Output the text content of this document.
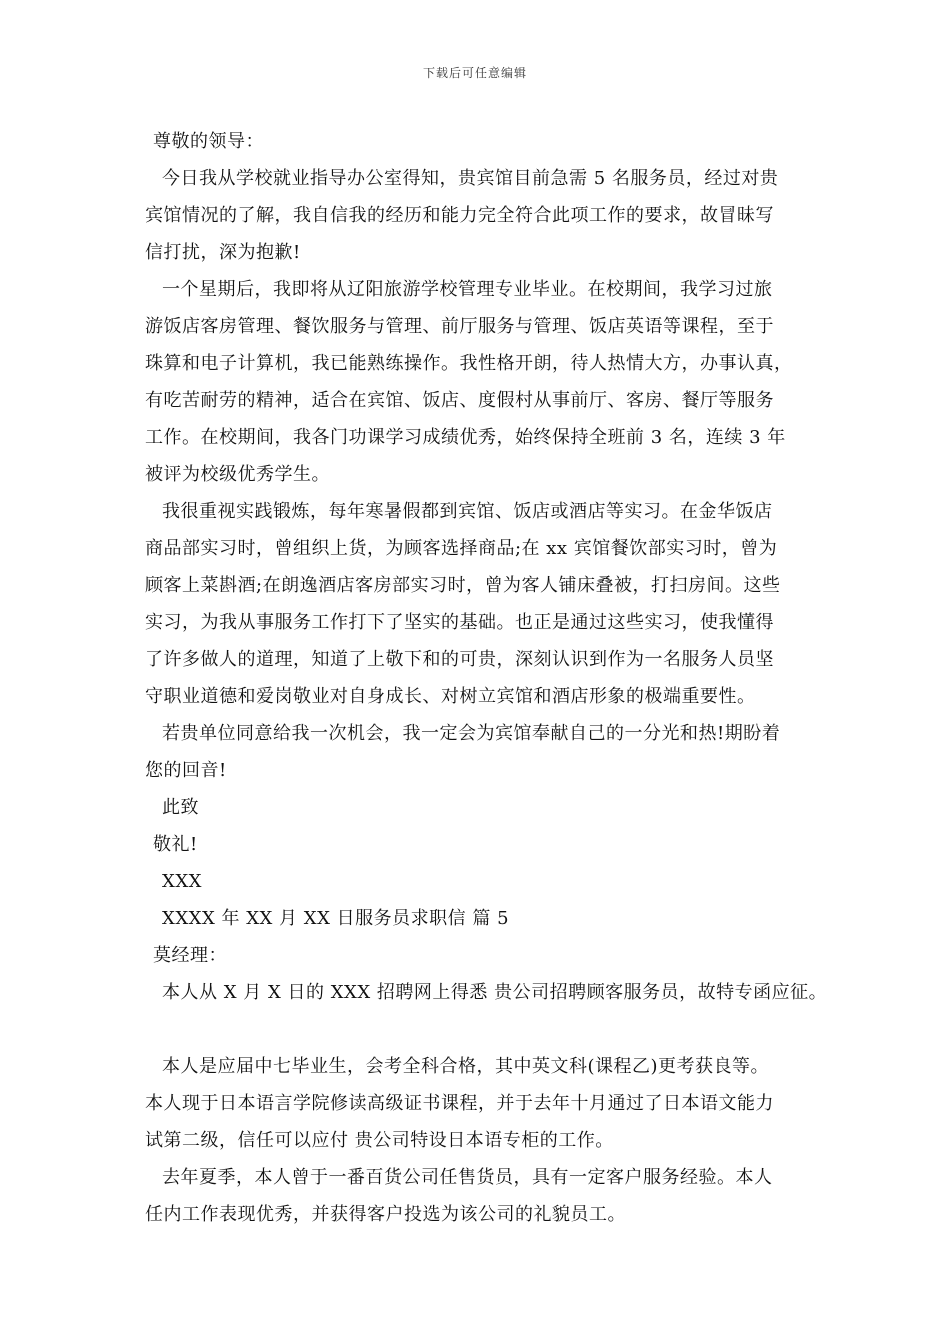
下载后可任意编辑
尊敬的领导：
今日我从学校就业指导办公室得知，贵宾馆目前急需 5 名服务员，经过对贵
宾馆情况的了解，我自信我的经历和能力完全符合此项工作的要求，故冒昧写
信打扰，深为抱歉!
一个星期后，我即将从辽阳旅游学校管理专业毕业。在校期间，我学习过旅
游饭店客房管理、餐饮服务与管理、前厅服务与管理、饭店英语等课程，至于
珠算和电子计算机，我已能熟练操作。我性格开朗，待人热情大方，办事认真，
有吃苦耐劳的精神，适合在宾馆、饭店、度假村从事前厅、客房、餐厅等服务
工作。在校期间，我各门功课学习成绩优秀，始终保持全班前 3 名，连续 3 年
被评为校级优秀学生。
我很重视实践锻炼，每年寒暑假都到宾馆、饭店或酒店等实习。在金华饭店
商品部实习时，曾组织上货，为顾客选择商品;在 xx 宾馆餐饮部实习时，曾为
顾客上菜斟酒;在朗逸酒店客房部实习时，曾为客人铺床叠被，打扫房间。这些
实习，为我从事服务工作打下了坚实的基础。也正是通过这些实习，使我懂得
了许多做人的道理，知道了上敬下和的可贵，深刻认识到作为一名服务人员坚
守职业道德和爱岗敬业对自身成长、对树立宾馆和酒店形象的极端重要性。
若贵单位同意给我一次机会，我一定会为宾馆奉献自己的一分光和热!期盼着
您的回音!
此致
敬礼!
XXX
XXXX 年 XX 月 XX 日服务员求职信 篇 5
莫经理：
本人从 X 月 X 日的 XXX 招聘网上得悉 贵公司招聘顾客服务员，故特专函应征。
本人是应届中七毕业生，会考全科合格，其中英文科(课程乙)更考获良等。
本人现于日本语言学院修读高级证书课程，并于去年十月通过了日本语文能力
试第二级，信任可以应付 贵公司特设日本语专柜的工作。
去年夏季，本人曾于一番百货公司任售货员，具有一定客户服务经验。本人
任内工作表现优秀，并获得客户投选为该公司的礼貌员工。
